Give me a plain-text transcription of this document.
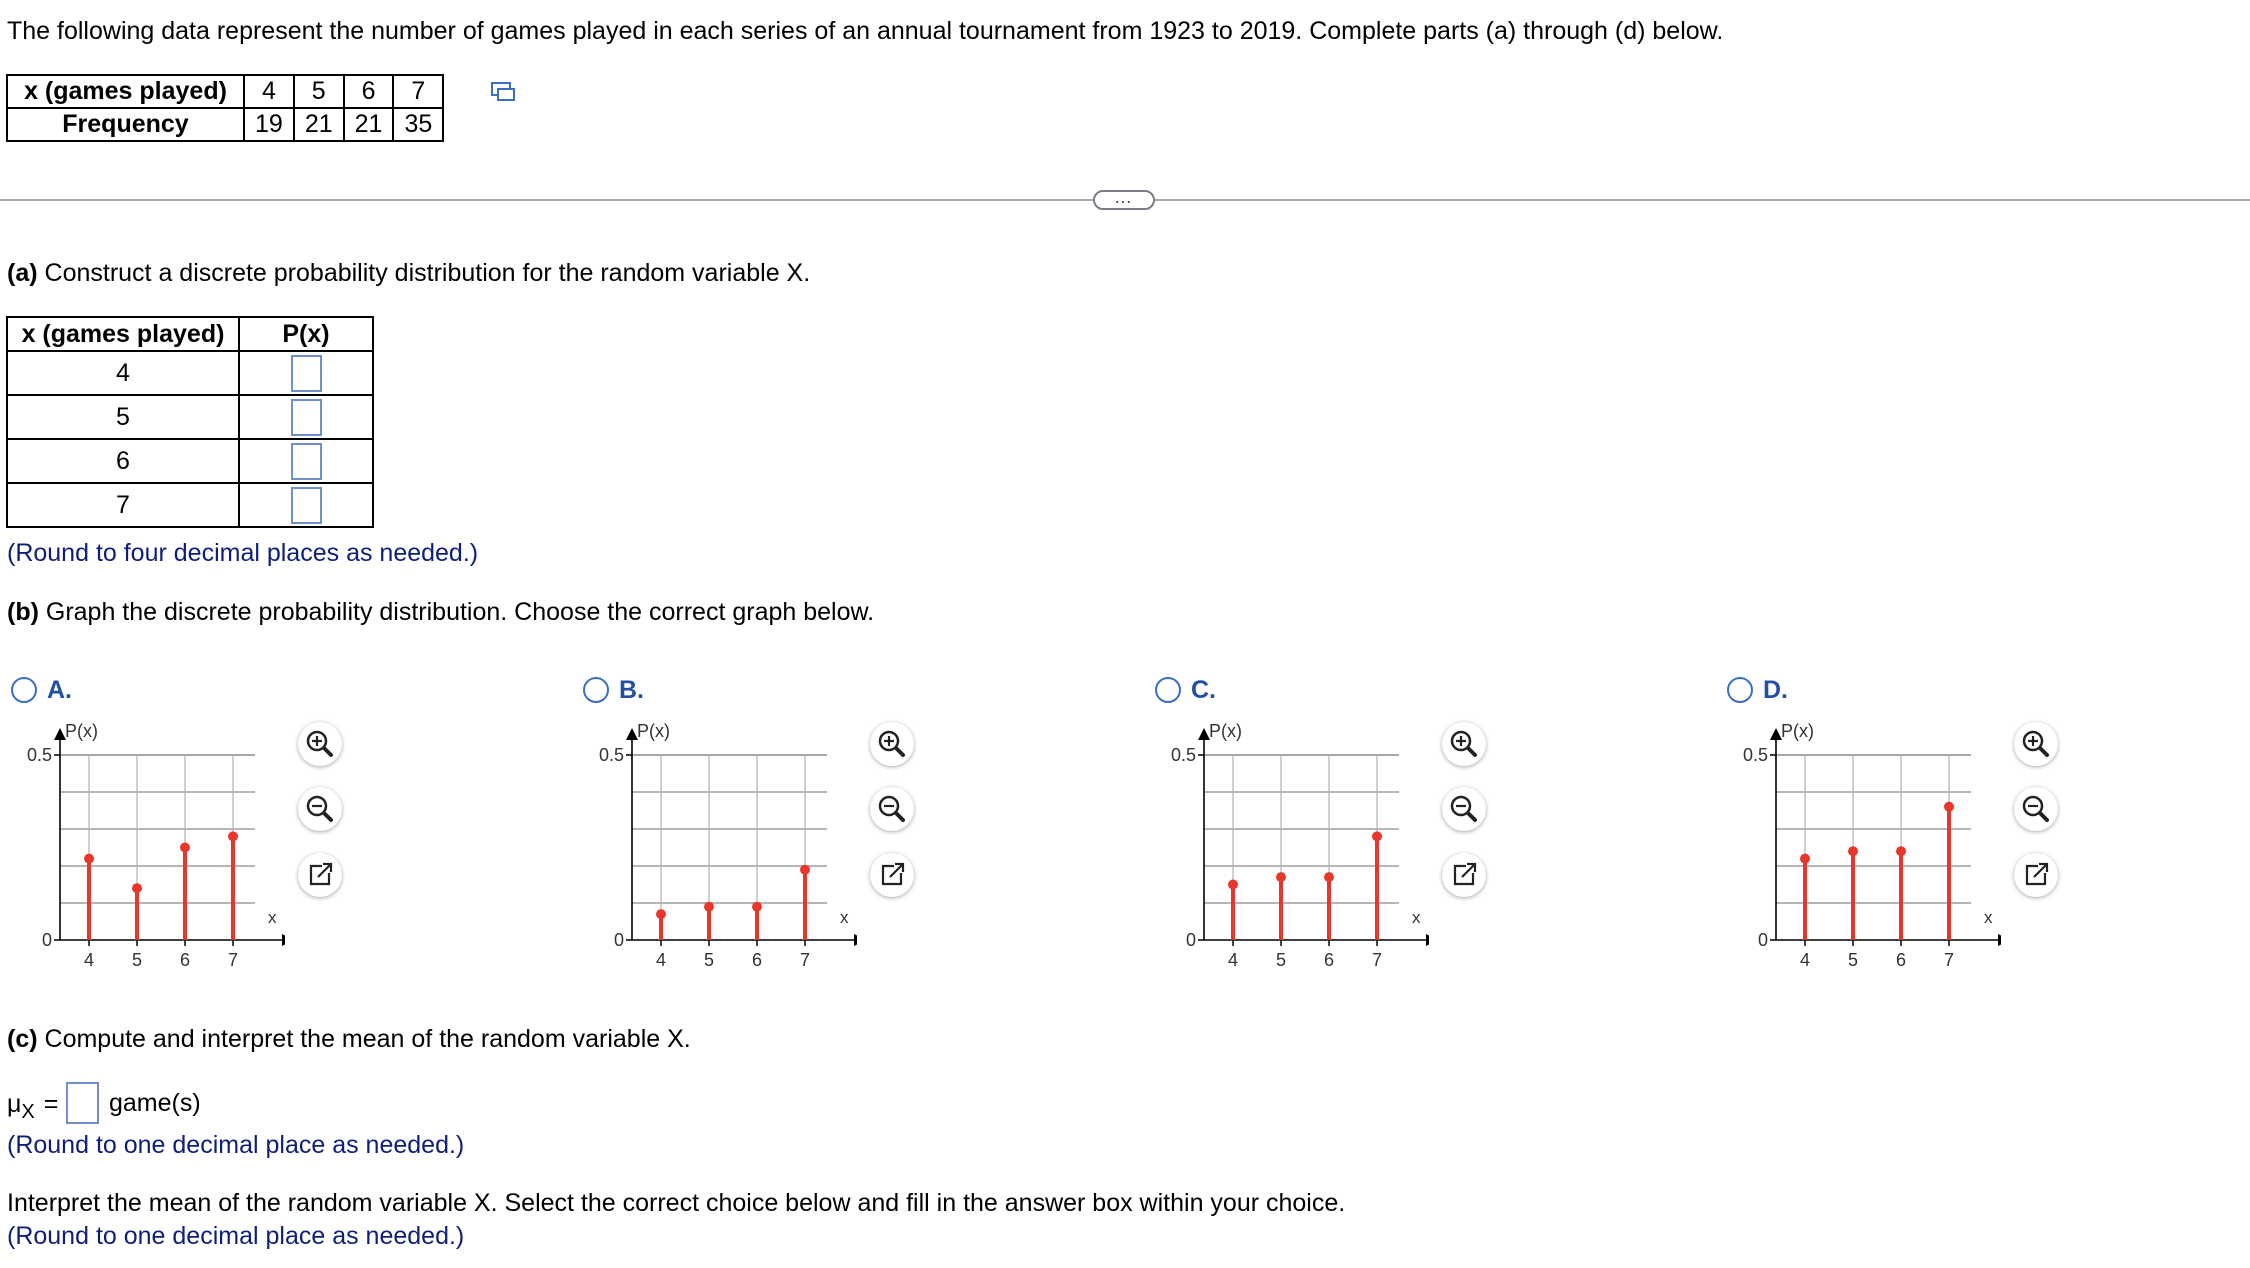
The following data represent the number of games played in each series of an annual tournament from 1923 to 2019. Complete parts (a) through (d) below.
x (games played)	4	5	6	7
Frequency	19	21	21	35
…
(a) Construct a discrete probability distribution for the random variable X.
x (games played)	P(x)
4	
5	
6	
7	
(Round to four decimal places as needed.)
(b) Graph the discrete probability distribution. Choose the correct graph below.
A.
0.5
0
P(x)
x
4 5 6 7
B.
0.5
0
P(x)
x
4 5 6 7
C.
0.5
0
P(x)
x
4 5 6 7
D.
0.5
0
P(x)
x
4 5 6 7
(c) Compute and interpret the mean of the random variable X.
$\mu_X$ = game(s)
(Round to one decimal place as needed.)
Interpret the mean of the random variable X. Select the correct choice below and fill in the answer box within your choice.
(Round to one decimal place as needed.)
